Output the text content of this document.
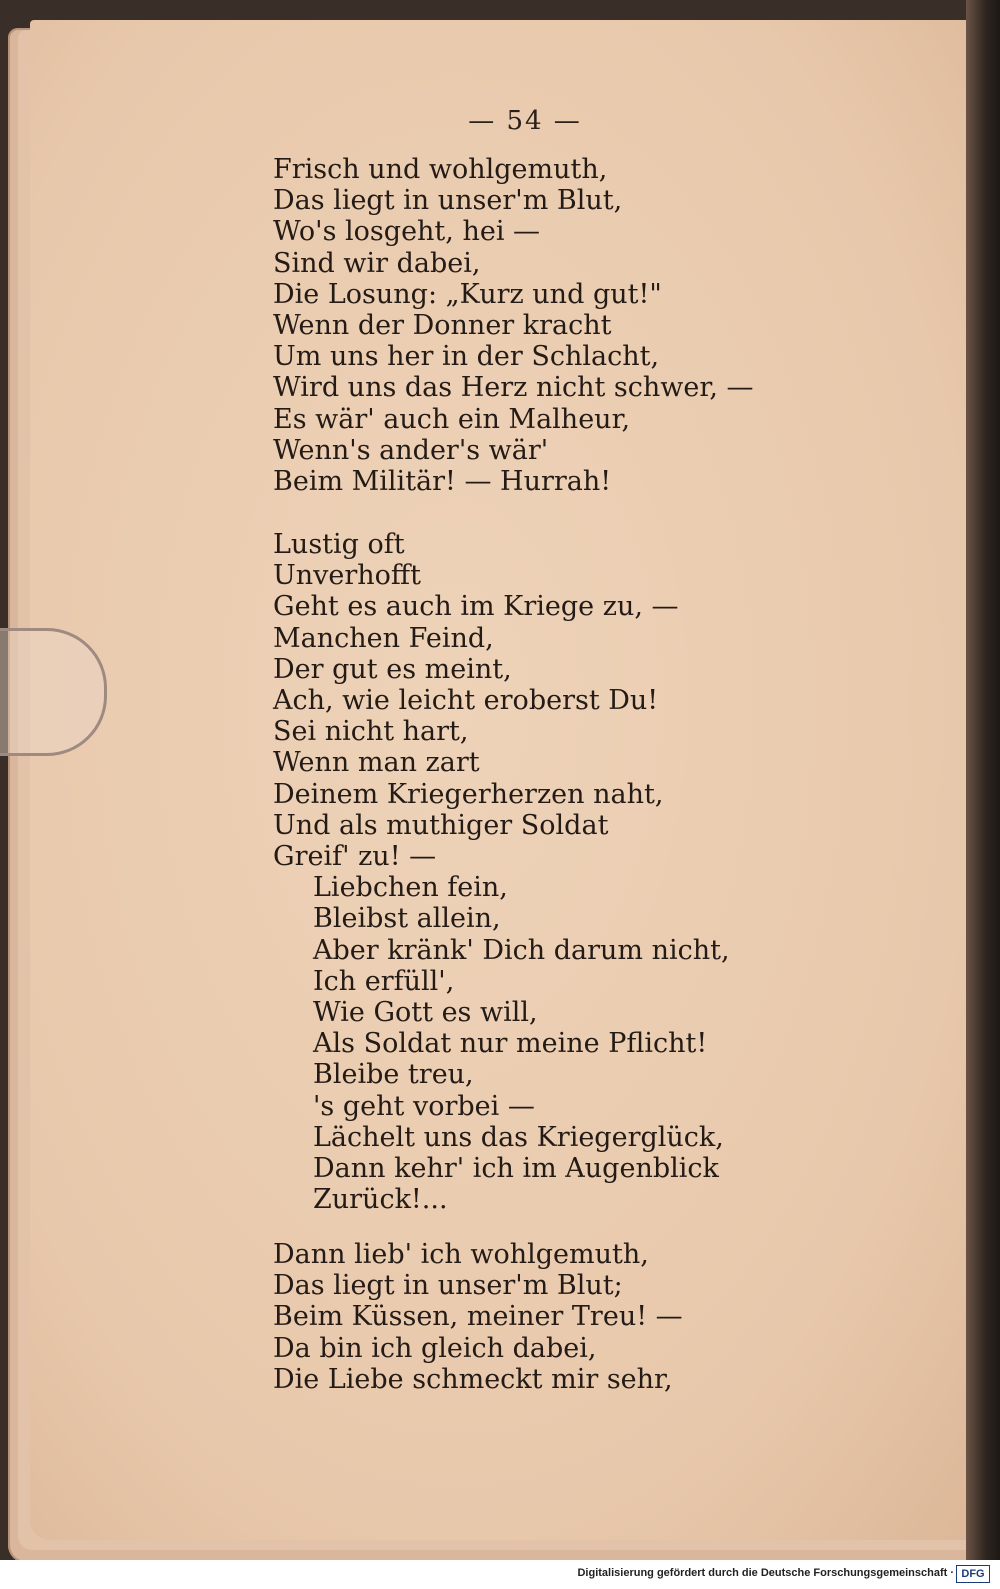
— 54 —
Frisch und wohlgemuth,
Das liegt in unser'm Blut,
Wo's losgeht, hei —
Sind wir dabei,
Die Losung: „Kurz und gut!"
Wenn der Donner kracht
Um uns her in der Schlacht,
Wird uns das Herz nicht schwer, —
Es wär' auch ein Malheur,
Wenn's ander's wär'
Beim Militär! — Hurrah!
Lustig oft
Unverhofft
Geht es auch im Kriege zu, —
Manchen Feind,
Der gut es meint,
Ach, wie leicht eroberst Du!
Sei nicht hart,
Wenn man zart
Deinem Kriegerherzen naht,
Und als muthiger Soldat
Greif' zu! —
Liebchen fein,
Bleibst allein,
Aber kränk' Dich darum nicht,
Ich erfüll',
Wie Gott es will,
Als Soldat nur meine Pflicht!
Bleibe treu,
's geht vorbei —
Lächelt uns das Kriegerglück,
Dann kehr' ich im Augenblick
Zurück!...
Dann lieb' ich wohlgemuth,
Das liegt in unser'm Blut;
Beim Küssen, meiner Treu! —
Da bin ich gleich dabei,
Die Liebe schmeckt mir sehr,
Digitalisierung gefördert durch die Deutsche Forschungsgemeinschaft · DFG
